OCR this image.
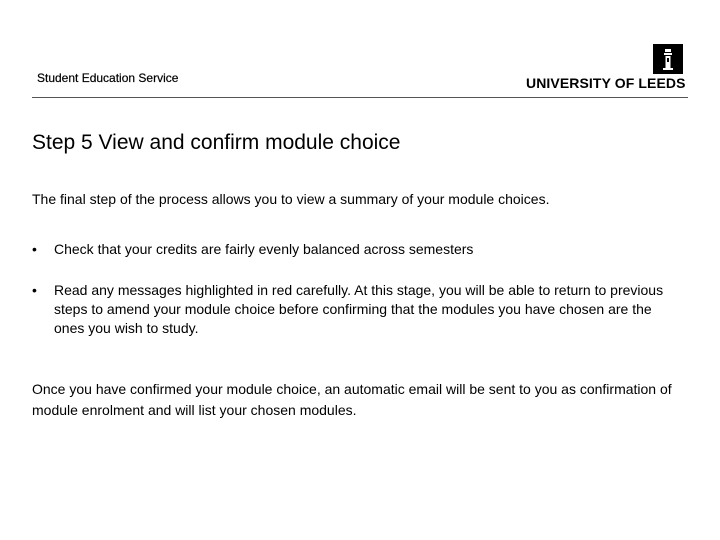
Student Education Service	UNIVERSITY OF LEEDS
Step 5 View and confirm module choice
The final step of the process allows you to view a summary of your module choices.
• Check that your credits are fairly evenly balanced across semesters
• Read any messages highlighted in red carefully. At this stage, you will be able to return to previous steps to amend your module choice before confirming that the modules you have chosen are the ones you wish to study.
Once you have confirmed your module choice, an automatic email will be sent to you as confirmation of module enrolment and will list your chosen modules.
